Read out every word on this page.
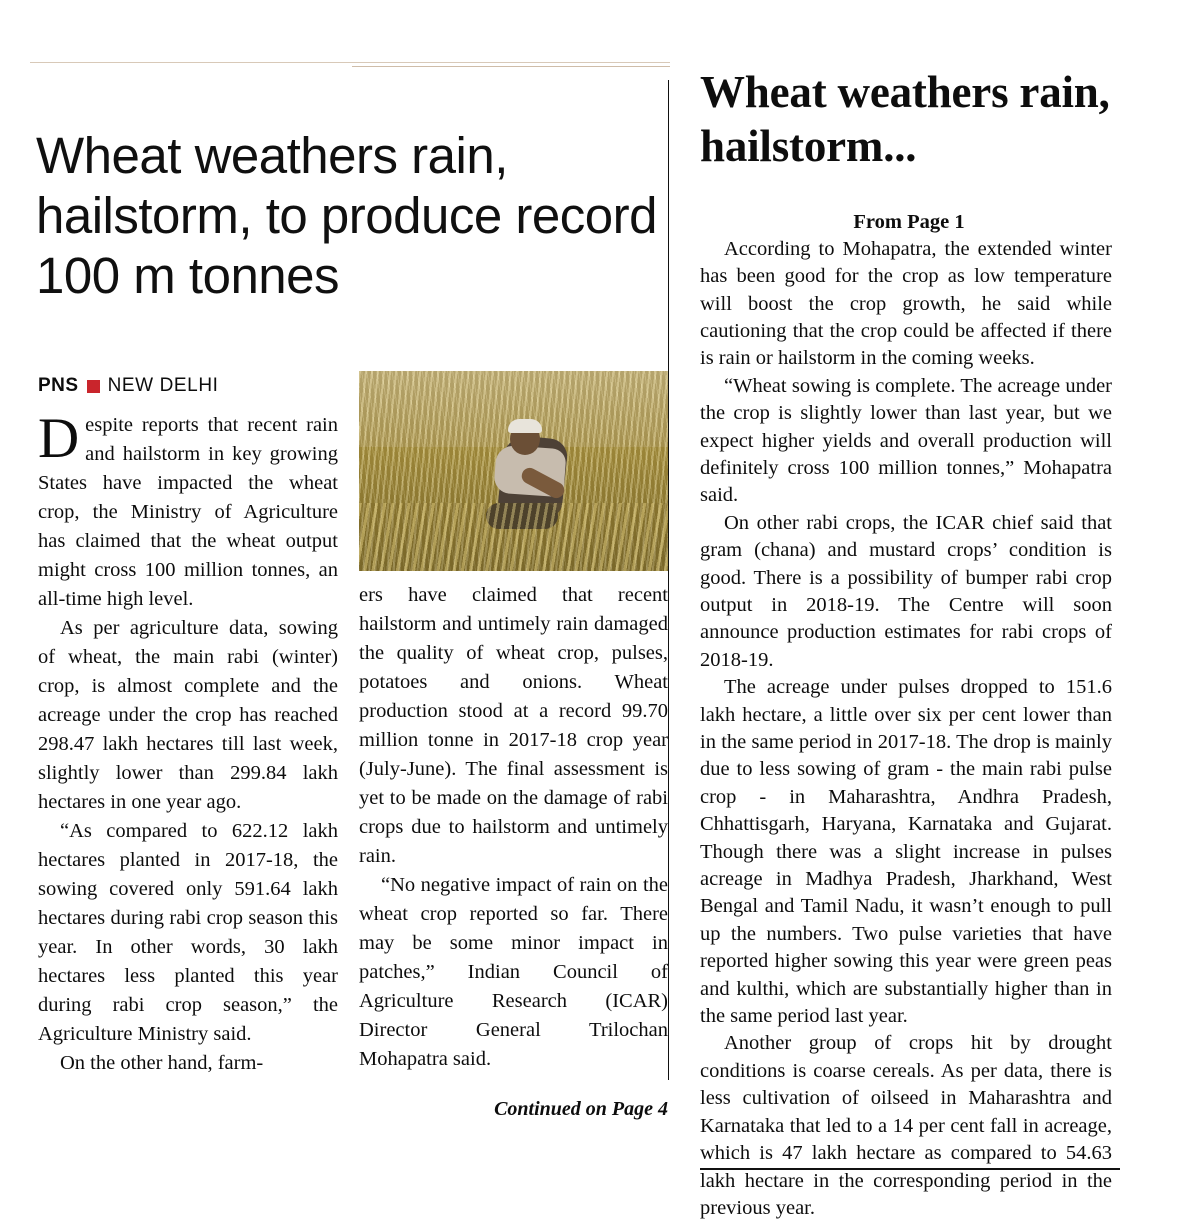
Wheat weathers rain, hailstorm, to produce record 100 m tonnes
PNS NEW DELHI

Despite reports that recent rain and hailstorm in key growing States have impacted the wheat crop, the Ministry of Agriculture has claimed that the wheat output might cross 100 million tonnes, an all-time high level.

As per agriculture data, sowing of wheat, the main rabi (winter) crop, is almost complete and the acreage under the crop has reached 298.47 lakh hectares till last week, slightly lower than 299.84 lakh hectares in one year ago.

“As compared to 622.12 lakh hectares planted in 2017-18, the sowing covered only 591.64 lakh hectares during rabi crop season this year. In other words, 30 lakh hectares less planted this year during rabi crop season,” the Agriculture Ministry said.

On the other hand, farm-

ers have claimed that recent hailstorm and untimely rain damaged the quality of wheat crop, pulses, potatoes and onions. Wheat production stood at a record 99.70 million tonne in 2017-18 crop year (July-June). The final assessment is yet to be made on the damage of rabi crops due to hailstorm and untimely rain.

“No negative impact of rain on the wheat crop reported so far. There may be some minor impact in patches,” Indian Council of Agriculture Research (ICAR) Director General Trilochan Mohapatra said.

Continued on Page 4
Wheat weathers rain, hailstorm...
From Page 1

According to Mohapatra, the extended winter has been good for the crop as low temperature will boost the crop growth, he said while cautioning that the crop could be affected if there is rain or hailstorm in the coming weeks.

“Wheat sowing is complete. The acreage under the crop is slightly lower than last year, but we expect higher yields and overall production will definitely cross 100 million tonnes,” Mohapatra said.

On other rabi crops, the ICAR chief said that gram (chana) and mustard crops’ condition is good. There is a possibility of bumper rabi crop output in 2018-19. The Centre will soon announce production estimates for rabi crops of 2018-19.

The acreage under pulses dropped to 151.6 lakh hectare, a little over six per cent lower than in the same period in 2017-18. The drop is mainly due to less sowing of gram - the main rabi pulse crop - in Maharashtra, Andhra Pradesh, Chhattisgarh, Haryana, Karnataka and Gujarat. Though there was a slight increase in pulses acreage in Madhya Pradesh, Jharkhand, West Bengal and Tamil Nadu, it wasn’t enough to pull up the numbers. Two pulse varieties that have reported higher sowing this year were green peas and kulthi, which are substantially higher than in the same period last year.

Another group of crops hit by drought conditions is coarse cereals. As per data, there is less cultivation of oilseed in Maharashtra and Karnataka that led to a 14 per cent fall in acreage, which is 47 lakh hectare as compared to 54.63 lakh hectare in the corresponding period in the previous year.
